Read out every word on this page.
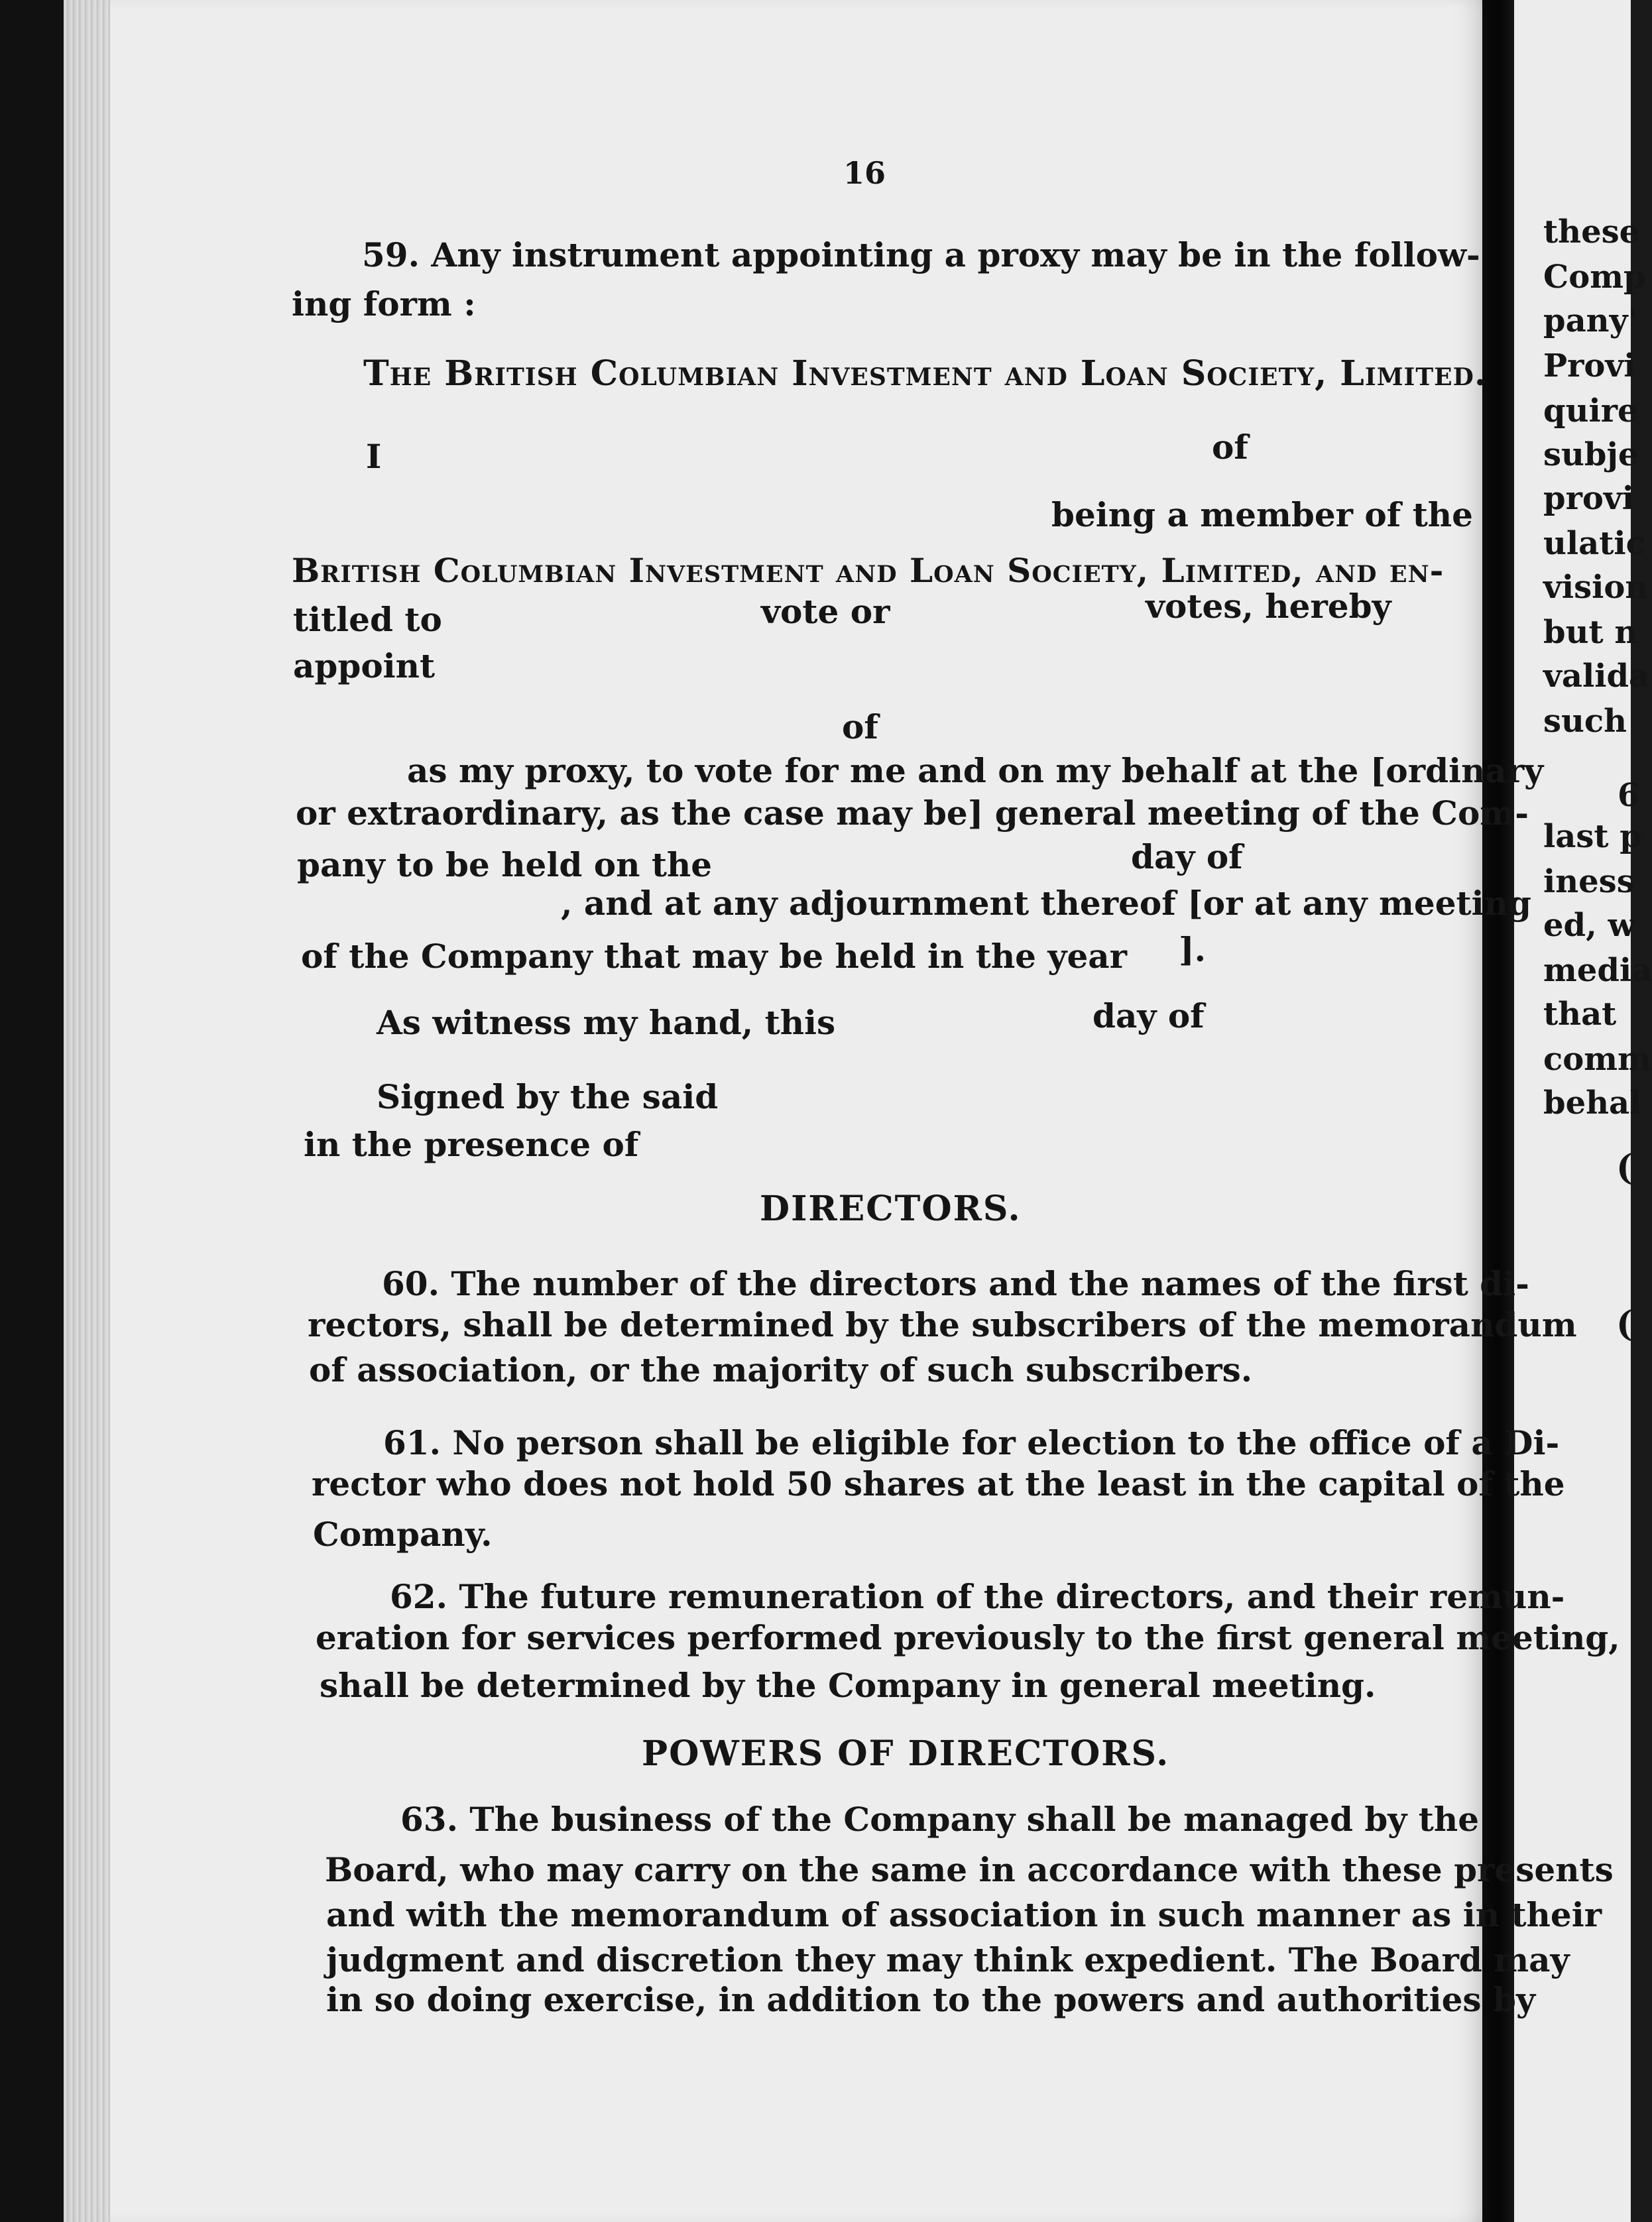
16
59. Any instrument appointing a proxy may be in the follow-
ing form :
The British Columbian Investment and Loan Society, Limited.
I	of
being a member of the
British Columbian Investment and Loan Society, Limited, and en-
titled to	vote or	votes, hereby
appoint
of
as my proxy, to vote for me and on my behalf at the [ordinary
or extraordinary, as the case may be] general meeting of the Com-
pany to be held on the	day of
, and at any adjournment thereof [or at any meeting
of the Company that may be held in the year ].
As witness my hand, this	day of
Signed by the said
in the presence of
DIRECTORS.
60. The number of the directors and the names of the first di-
rectors, shall be determined by the subscribers of the memorandum
of association, or the majority of such subscribers.
61. No person shall be eligible for election to the office of a Di-
rector who does not hold 50 shares at the least in the capital of the
Company.
62. The future remuneration of the directors, and their remun-
eration for services performed previously to the first general meeting,
shall be determined by the Company in general meeting.
POWERS OF DIRECTORS.
63. The business of the Company shall be managed by the
Board, who may carry on the same in accordance with these presents
and with the memorandum of association in such manner as in their
judgment and discretion they may think expedient. The Board may
in so doing exercise, in addition to the powers and authorities by
these
Comp
pany'
Provi
quire
subje
provi
ulatic
vision
but n
valida
such
6
last p
iness
ed, w
media
that
comm
behal
(
(
